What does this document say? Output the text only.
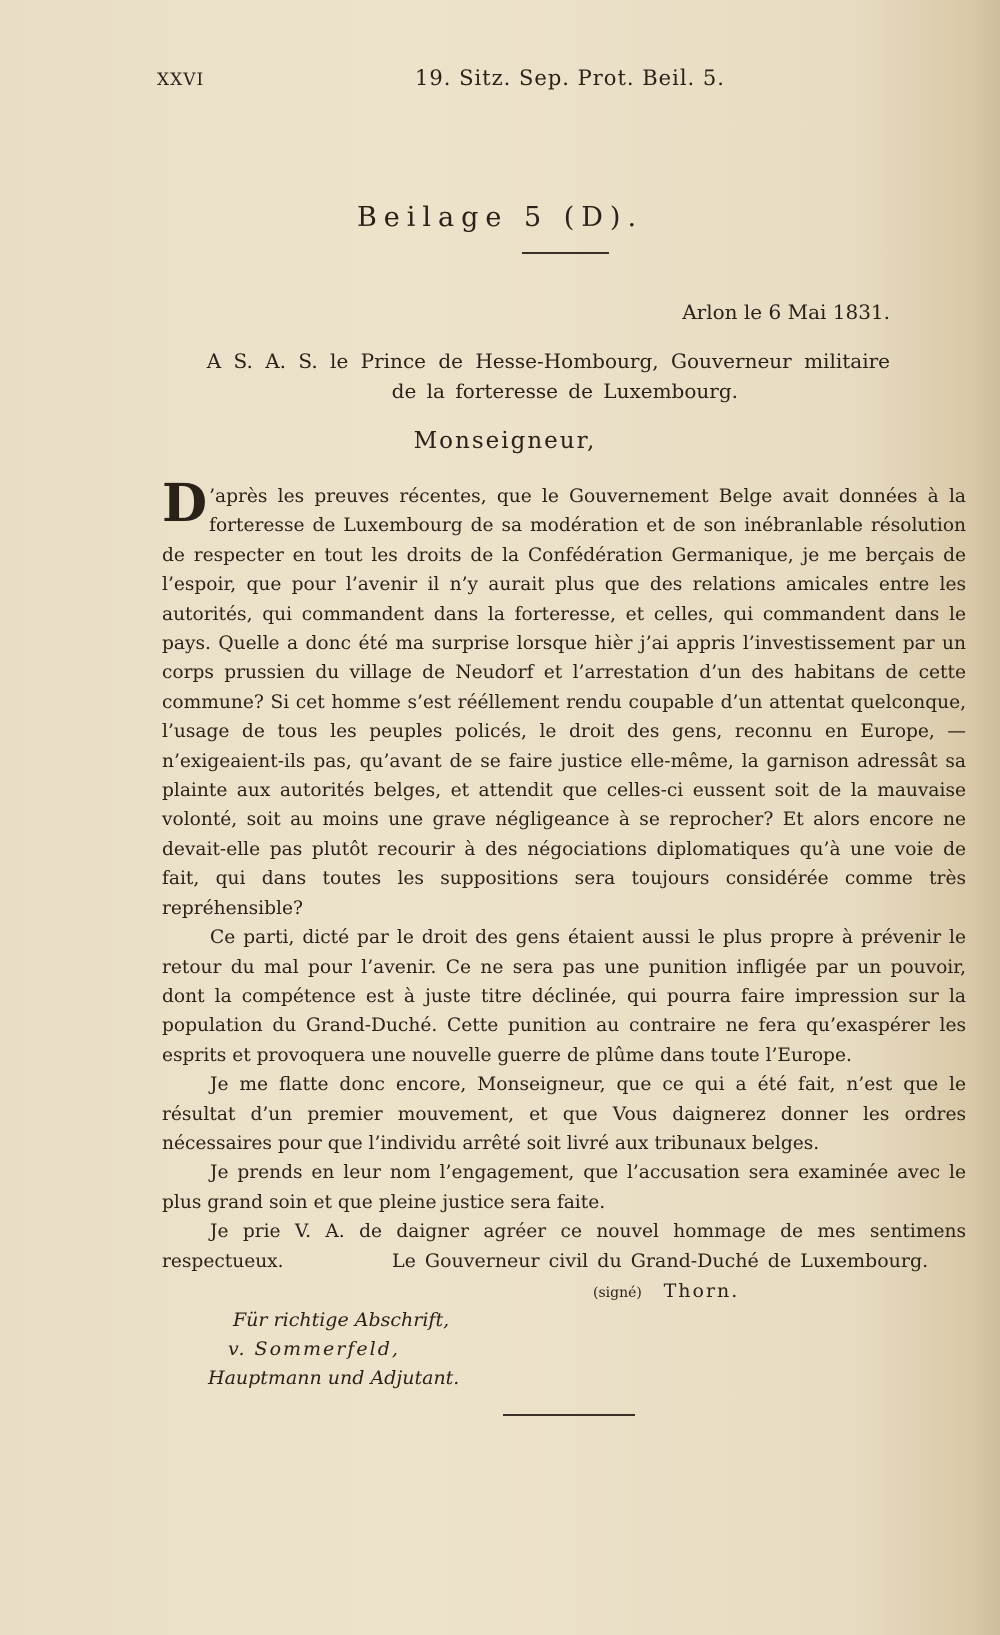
XXVI	19. Sitz. Sep. Prot. Beil. 5.
Beilage 5 (D).
Arlon le 6 Mai 1831.
A S. A. S. le Prince de Hesse-Hombourg, Gouverneur militaire
de la forteresse de Luxembourg.
Monseigneur,

D ’après les preuves récentes, que le Gouvernement Belge avait données à la forteresse de Luxembourg de sa modération et de son inébranlable résolution de respecter en tout les droits de la Confédération Germanique, je me berçais de l’espoir, que pour l’avenir il n’y aurait plus que des relations amicales entre les autorités, qui commandent dans la forteresse, et celles, qui commandent dans le pays. Quelle a donc été ma surprise lorsque hièr j’ai appris l’investissement par un corps prussien du village de Neudorf et l’arrestation d’un des habitans de cette commune? Si cet homme s’est rééllement rendu coupable d’un attentat quelconque, l’usage de tous les peuples policés, le droit des gens, reconnu en Europe, — n’exigeaient-ils pas, qu’avant de se faire justice elle-même, la garnison adressât sa plainte aux autorités belges, et attendit que celles-ci eussent soit de la mauvaise volonté, soit au moins une grave négligeance à se reprocher? Et alors encore ne devait-elle pas plutôt recourir à des négociations diplomatiques qu’à une voie de fait, qui dans toutes les suppositions sera toujours considérée comme très repréhensible?

Ce parti, dicté par le droit des gens étaient aussi le plus propre à prévenir le retour du mal pour l’avenir. Ce ne sera pas une punition infligée par un pouvoir, dont la compétence est à juste titre déclinée, qui pourra faire impression sur la population du Grand-Duché. Cette punition au contraire ne fera qu’exaspérer les esprits et provoquera une nouvelle guerre de plûme dans toute l’Europe.

Je me flatte donc encore, Monseigneur, que ce qui a été fait, n’est que le résultat d’un premier mouvement, et que Vous daignerez donner les ordres nécessaires pour que l’individu arrêté soit livré aux tribunaux belges.

Je prends en leur nom l’engagement, que l’accusation sera examinée avec le plus grand soin et que pleine justice sera faite.

Je prie V. A. de daigner agréer ce nouvel hommage de mes sentimens respectueux.	Le Gouverneur civil du Grand-Duché de Luxembourg.
(signé) Thorn.
Für richtige Abschrift,
v. Sommerfeld,
Hauptmann und Adjutant.
